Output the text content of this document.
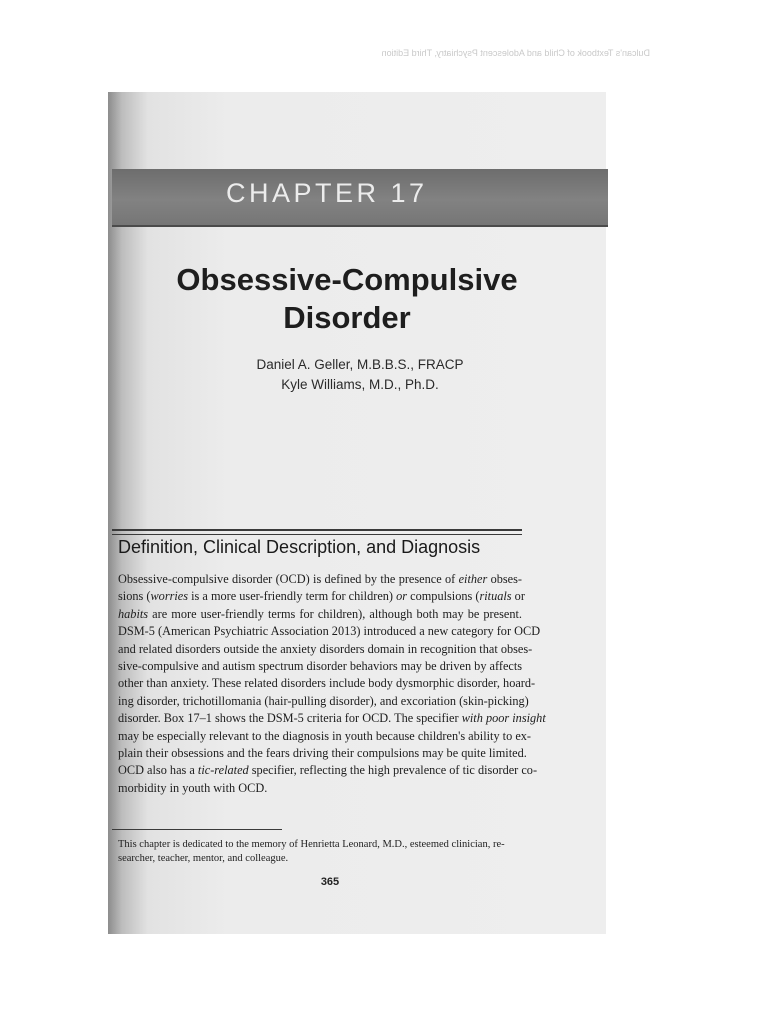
Dulcan's Textbook of Child and Adolescent Psychiatry, Third Edition
CHAPTER 17
Obsessive-Compulsive
Disorder
Daniel A. Geller, M.B.B.S., FRACP
Kyle Williams, M.D., Ph.D.
Definition, Clinical Description, and Diagnosis
Obsessive-compulsive disorder (OCD) is defined by the presence of either obses-
sions (worries is a more user-friendly term for children) or compulsions (rituals or
habits are more user-friendly terms for children), although both may be present.
DSM-5 (American Psychiatric Association 2013) introduced a new category for OCD
and related disorders outside the anxiety disorders domain in recognition that obses-
sive-compulsive and autism spectrum disorder behaviors may be driven by affects
other than anxiety. These related disorders include body dysmorphic disorder, hoard-
ing disorder, trichotillomania (hair-pulling disorder), and excoriation (skin-picking)
disorder. Box 17–1 shows the DSM-5 criteria for OCD. The specifier with poor insight
may be especially relevant to the diagnosis in youth because children's ability to ex-
plain their obsessions and the fears driving their compulsions may be quite limited.
OCD also has a tic-related specifier, reflecting the high prevalence of tic disorder co-
morbidity in youth with OCD.
This chapter is dedicated to the memory of Henrietta Leonard, M.D., esteemed clinician, re-
searcher, teacher, mentor, and colleague.
365
